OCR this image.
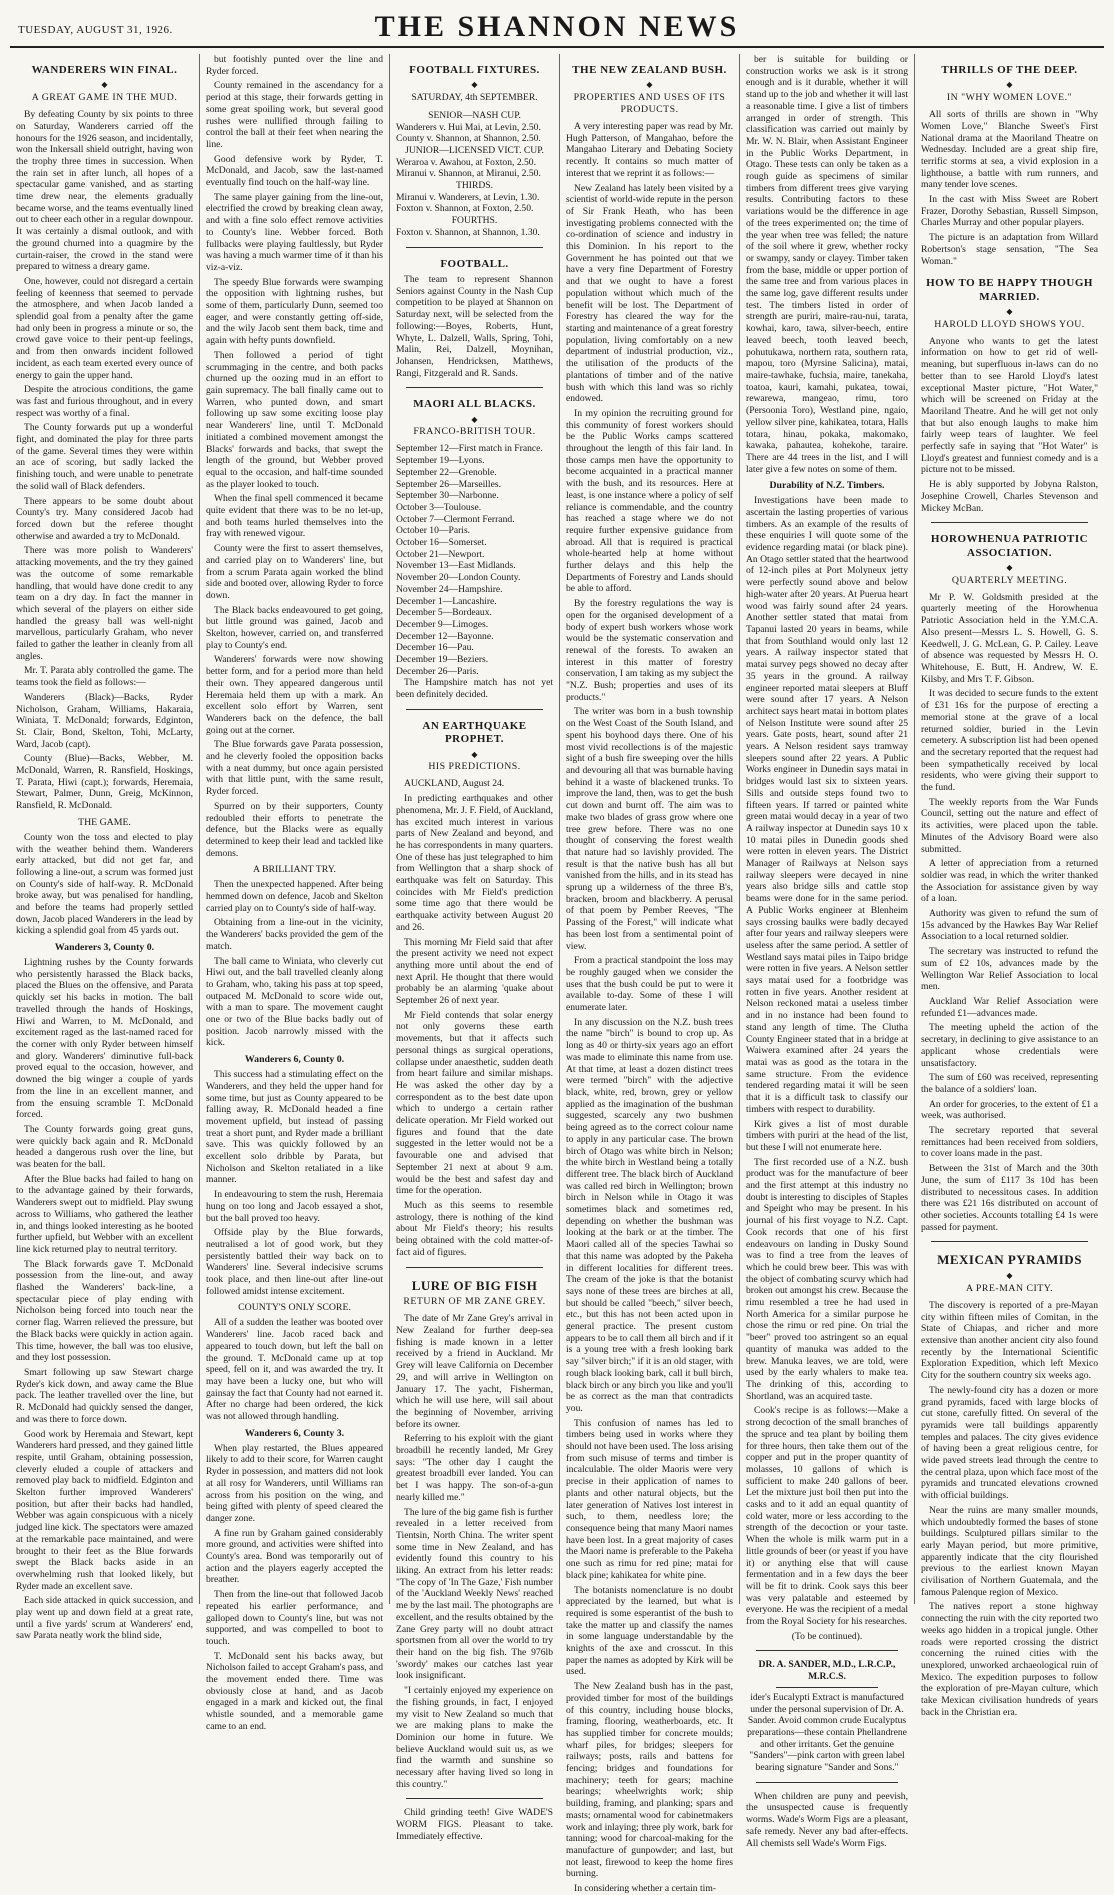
TUESDAY, AUGUST 31, 1926.	THE SHANNON NEWS
WANDERERS WIN FINAL.
◆
A GREAT GAME IN THE MUD.

By defeating County by six points to three on Saturday, Wanderers carried off the honours for the 1926 season, and incidentally, won the Inkersall shield outright, having won the trophy three times in succession. When the rain set in after lunch, all hopes of a spectacular game vanished, and as starting time drew near, the elements gradually became worse, and the teams eventually lined out to cheer each other in a regular downpour. It was certainly a dismal outlook, and with the ground churned into a quagmire by the curtain-raiser, the crowd in the stand were prepared to witness a dreary game.

One, however, could not disregard a certain feeling of keenness that seemed to pervade the atmosphere, and when Jacob landed a splendid goal from a penalty after the game had only been in progress a minute or so, the crowd gave voice to their pent-up feelings, and from then onwards incident followed incident, as each team exerted every ounce of energy to gain the upper hand.

Despite the atrocious conditions, the game was fast and furious throughout, and in every respect was worthy of a final.

The County forwards put up a wonderful fight, and dominated the play for three parts of the game. Several times they were within an ace of scoring, but sadly lacked the finishing touch, and were unable to penetrate the solid wall of Black defenders.

There appears to be some doubt about County's try. Many considered Jacob had forced down but the referee thought otherwise and awarded a try to McDonald.

There was more polish to Wanderers' attacking movements, and the try they gained was the outcome of some remarkable handling, that would have done credit to any team on a dry day. In fact the manner in which several of the players on either side handled the greasy ball was well-night marvellous, particularly Graham, who never failed to gather the leather in cleanly from all angles.

Mr. T. Parata ably controlled the game. The teams took the field as follows:—

Wanderers (Black)—Backs, Ryder Nicholson, Graham, Williams, Hakaraia, Winiata, T. McDonald; forwards, Edginton, St. Clair, Bond, Skelton, Tohi, McLarty, Ward, Jacob (capt).

County (Blue)—Backs, Webber, M. McDonald, Warren, R. Ransfield, Hoskings, T. Parata, Hiwi (capt.); forwards, Heremaia, Stewart, Palmer, Dunn, Greig, McKinnon, Ransfield, R. McDonald.

THE GAME.

County won the toss and elected to play with the weather behind them. Wanderers early attacked, but did not get far, and following a line-out, a scrum was formed just on County's side of half-way. R. McDonald broke away, but was penalised for handling, and before the teams had properly settled down, Jacob placed Wanderers in the lead by kicking a splendid goal from 45 yards out.

Wanderers 3, County 0.

Lightning rushes by the County forwards who persistently harassed the Black backs, placed the Blues on the offensive, and Parata quickly set his backs in motion. The ball travelled through the hands of Hoskings, Hiwi and Warren, to M. McDonald, and excitement raged as the last-named raced for the corner with only Ryder between himself and glory. Wanderers' diminutive full-back proved equal to the occasion, however, and downed the big winger a couple of yards from the line in an excellent manner, and from the ensuing scramble T. McDonald forced.

The County forwards going great guns, were quickly back again and R. McDonald headed a dangerous rush over the line, but was beaten for the ball.

After the Blue backs had failed to hang on to the advantage gained by their forwards, Wanderers swept out to midfield. Play swung across to Williams, who gathered the leather in, and things looked interesting as he booted further upfield, but Webber with an excellent line kick returned play to neutral territory.

The Black forwards gave T. McDonald possession from the line-out, and away flashed the Wanderers' back-line, a spectacular piece of play ending with Nicholson being forced into touch near the corner flag. Warren relieved the pressure, but the Black backs were quickly in action again. This time, however, the ball was too elusive, and they lost possession.

Smart following up saw Stewart charge Ryder's kick down, and away came the Blue pack. The leather travelled over the line, but R. McDonald had quickly sensed the danger, and was there to force down.

Good work by Heremaia and Stewart, kept Wanderers hard pressed, and they gained little respite, until Graham, obtaining possession, cleverly eluded a couple of attackers and removed play back to midfield. Edginton and Skelton further improved Wanderers' position, but after their backs had handled, Webber was again conspicuous with a nicely judged line kick. The spectators were amazed at the remarkable pace maintained, and were brought to their feet as the Blue forwards swept the Black backs aside in an overwhelming rush that looked likely, but Ryder made an excellent save.

Each side attacked in quick succession, and play went up and down field at a great rate, until a five yards' scrum at Wanderers' end, saw Parata neatly work the blind side,

but footishly punted over the line and Ryder forced.

County remained in the ascendancy for a period at this stage, their forwards getting in some great spoiling work, but several good rushes were nullified through failing to control the ball at their feet when nearing the line.

Good defensive work by Ryder, T. McDonald, and Jacob, saw the last-named eventually find touch on the half-way line.

The same player gaining from the line-out, electrified the crowd by breaking clean away, and with a fine solo effect remove activities to County's line. Webber forced. Both fullbacks were playing faultlessly, but Ryder was having a much warmer time of it than his viz-a-viz.

The speedy Blue forwards were swamping the opposition with lightning rushes, but some of them, particularly Dunn, seemed too eager, and were constantly getting off-side, and the wily Jacob sent them back, time and again with hefty punts downfield.

Then followed a period of tight scrummaging in the centre, and both packs churned up the oozing mud in an effort to gain supremacy. The ball finally came out to Warren, who punted down, and smart following up saw some exciting loose play near Wanderers' line, until T. McDonald initiated a combined movement amongst the Blacks' forwards and backs, that swept the length of the ground, but Webber proved equal to the occasion, and half-time sounded as the player looked to touch.

When the final spell commenced it became quite evident that there was to be no let-up, and both teams hurled themselves into the fray with renewed vigour.

County were the first to assert themselves, and carried play on to Wanderers' line, but from a scrum Parata again worked the blind side and booted over, allowing Ryder to force down.

The Black backs endeavoured to get going, but little ground was gained, Jacob and Skelton, however, carried on, and transferred play to County's end.

Wanderers' forwards were now showing better form, and for a period more than held their own. They appeared dangerous until Heremaia held them up with a mark. An excellent solo effort by Warren, sent Wanderers back on the defence, the ball going out at the corner.

The Blue forwards gave Parata possession, and he cleverly fooled the opposition backs with a neat dummy, but once again persisted with that little punt, with the same result, Ryder forced.

Spurred on by their supporters, County redoubled their efforts to penetrate the defence, but the Blacks were as equally determined to keep their lead and tackled like demons.

A BRILLIANT TRY.

Then the unexpected happened. After being hemmed down on defence, Jacob and Skelton carried play on to County's side of half-way.

Obtaining from a line-out in the vicinity, the Wanderers' backs provided the gem of the match.

The ball came to Winiata, who cleverly cut Hiwi out, and the ball travelled cleanly along to Graham, who, taking his pass at top speed, outpaced M. McDonald to score wide out, with a man to spare. The movement caught one or two of the Blue backs badly out of position. Jacob narrowly missed with the kick.

Wanderers 6, County 0.

This success had a stimulating effect on the Wanderers, and they held the upper hand for some time, but just as County appeared to be falling away, R. McDonald headed a fine movement upfield, but instead of passing treat a short punt, and Ryder made a brilliant save. This was quickly followed by an excellent solo dribble by Parata, but Nicholson and Skelton retaliated in a like manner.

In endeavouring to stem the rush, Heremaia hung on too long and Jacob essayed a shot, but the ball proved too heavy.

Offside play by the Blue forwards, neutralised a lot of good work, but they persistently battled their way back on to Wanderers' line. Several indecisive scrums took place, and then line-out after line-out followed amidst intense excitement.

COUNTY'S ONLY SCORE.

All of a sudden the leather was booted over Wanderers' line. Jacob raced back and appeared to touch down, but left the ball on the ground. T. McDonald came up at top speed, fell on it, and was awarded the try. It may have been a lucky one, but who will gainsay the fact that County had not earned it. After no charge had been ordered, the kick was not allowed through handling.

Wanderers 6, County 3.

When play restarted, the Blues appeared likely to add to their score, for Warren caught Ryder in possession, and matters did not look at all rosy for Wanderers, until Williams ran across from his position on the wing, and being gifted with plenty of speed cleared the danger zone.

A fine run by Graham gained considerably more ground, and activities were shifted into County's area. Bond was temporarily out of action and the players eagerly accepted the breather.

Then from the line-out that followed Jacob repeated his earlier performance, and galloped down to County's line, but was not supported, and was compelled to boot to touch.

T. McDonald sent his backs away, but Nicholson failed to accept Graham's pass, and the movement ended there. Time was obviously close at hand, and as Jacob engaged in a mark and kicked out, the final whistle sounded, and a memorable game came to an end.

FOOTBALL FIXTURES.
◆

SATURDAY, 4th SEPTEMBER.

SENIOR—NASH CUP.

Wanderers v. Hui Mai, at Levin, 2.50.

County v. Shannon, at Shannon, 2.50.

JUNIOR—LICENSED VICT. CUP.

Weraroa v. Awahou, at Foxton, 2.50.

Miranui v. Shannon, at Miranui, 2.50.

THIRDS.

Miranui v. Wanderers, at Levin, 1.30.

Foxton v. Shannon, at Foxton, 2.50.

FOURTHS.

Foxton v. Shannon, at Shannon, 1.30.

FOOTBALL.

The team to represent Shannon Seniors against County in the Nash Cup competition to be played at Shannon on Saturday next, will be selected from the following:—Boyes, Roberts, Hunt, Whyte, L. Dalzell, Walls, Spring, Tohi, Malin, Rei, Dalzell, Moynihan, Johansen, Hendricksen, Matthews, Rangi, Fitzgerald and R. Sands.

MAORI ALL BLACKS.
◆
FRANCO-BRITISH TOUR.

September 12—First match in France.

September 19—Lyons.

September 22—Grenoble.

September 26—Marseilles.

September 30—Narbonne.

October 3—Toulouse.

October 7—Clermont Ferrand.

October 10—Paris.

October 16—Somerset.

October 21—Newport.

November 13—East Midlands.

November 20—London County.

November 24—Hampshire.

December 1—Lancashire.

December 5—Bordeaux.

December 9—Limoges.

December 12—Bayonne.

December 16—Pau.

December 19—Beziers.

December 26—Paris.

The Hampshire match has not yet been definitely decided.

AN EARTHQUAKE PROPHET.
◆
HIS PREDICTIONS.

AUCKLAND, August 24.

In predicting earthquakes and other phenomena, Mr. J. F. Field, of Auckland, has excited much interest in various parts of New Zealand and beyond, and he has correspondents in many quarters. One of these has just telegraphed to him from Wellington that a sharp shock of earthquake was felt on Saturday. This coincides with Mr Field's prediction some time ago that there would be earthquake activity between August 20 and 26.

This morning Mr Field said that after the present activity we need not expect anything more until about the end of next April. He thought that there would probably be an alarming 'quake about September 26 of next year.

Mr Field contends that solar energy not only governs these earth movements, but that it affects such personal things as surgical operations, collapse under anaesthetic, sudden death from heart failure and similar mishaps. He was asked the other day by a correspondent as to the best date upon which to undergo a certain rather delicate operation. Mr Field worked out figures and found that the date suggested in the letter would not be a favourable one and advised that September 21 next at about 9 a.m. would be the best and safest day and time for the operation.

Much as this seems to resemble astrology, there is nothing of the kind about Mr Field's theory; his results being obtained with the cold matter-of-fact aid of figures.

LURE OF BIG FISH
RETURN OF MR ZANE GREY.

The date of Mr Zane Grey's arrival in New Zealand for further deep-sea fishing is made known in a letter received by a friend in Auckland. Mr Grey will leave California on December 29, and will arrive in Wellington on January 17. The yacht, Fisherman, which he will use here, will sail about the beginning of November, arriving before its owner.

Referring to his exploit with the giant broadbill he recently landed, Mr Grey says: "The other day I caught the greatest broadbill ever landed. You can bet I was happy. The son-of-a-gun nearly killed me."

The lure of the big game fish is further revealed in a letter received from Tientsin, North China. The writer spent some time in New Zealand, and has evidently found this country to his liking. An extract from his letter reads: "The copy of 'In The Gaze,' Fish number of the 'Auckland Weekly News' reached me by the last mail. The photographs are excellent, and the results obtained by the Zane Grey party will no doubt attract sportsmen from all over the world to try their hand on the big fish. The 976lb 'swordy' makes our catches last year look insignificant.

"I certainly enjoyed my experience on the fishing grounds, in fact, I enjoyed my visit to New Zealand so much that we are making plans to make the Dominion our home in future. We believe Auckland would suit us, as we find the warmth and sunshine so necessary after having lived so long in this country."

Child grinding teeth! Give WADE'S WORM FIGS. Pleasant to take. Immediately effective.

THE NEW ZEALAND BUSH.
◆
PROPERTIES AND USES OF ITS PRODUCTS.

A very interesting paper was read by Mr. Hugh Patterson, of Mangahao, before the Mangahao Literary and Debating Society recently. It contains so much matter of interest that we reprint it as follows:—

New Zealand has lately been visited by a scientist of world-wide repute in the person of Sir Frank Heath, who has been investigating problems connected with the co-ordination of science and industry in this Dominion. In his report to the Government he has pointed out that we have a very fine Department of Forestry and that we ought to have a forest population without which much of the benefit will be lost. The Department of Forestry has cleared the way for the starting and maintenance of a great forestry population, living comfortably on a new department of industrial production, viz., the utilisation of the products of the plantations of timber and of the native bush with which this land was so richly endowed.

In my opinion the recruiting ground for this community of forest workers should be the Public Works camps scattered throughout the length of this fair land. In those camps men have the opportunity to become acquainted in a practical manner with the bush, and its resources. Here at least, is one instance where a policy of self reliance is commendable, and the country has reached a stage where we do not require further expensive guidance from abroad. All that is required is practical whole-hearted help at home without further delays and this help the Departments of Forestry and Lands should be able to afford.

By the forestry regulations the way is open for the organised development of a body of expert bush workers whose work would be the systematic conservation and renewal of the forests. To awaken an interest in this matter of forestry conservation, I am taking as my subject the "N.Z. Bush; properties and uses of its products."

The writer was born in a bush township on the West Coast of the South Island, and spent his boyhood days there. One of his most vivid recollections is of the majestic sight of a bush fire sweeping over the hills and devouring all that was burnable having behind it a waste of blackened trunks. To improve the land, then, was to get the bush cut down and burnt off. The aim was to make two blades of grass grow where one tree grew before. There was no one thought of conserving the forest wealth that nature had so lavishly provided. The result is that the native bush has all but vanished from the hills, and in its stead has sprung up a wilderness of the three B's, bracken, broom and blackberry. A perusal of that poem by Pember Reeves, "The Passing of the Forest," will indicate what has been lost from a sentimental point of view.

From a practical standpoint the loss may be roughly gauged when we consider the uses that the bush could be put to were it available to-day. Some of these I will enumerate later.

In any discussion on the N.Z. bush trees the name "birch" is bound to crop up. As long as 40 or thirty-six years ago an effort was made to eliminate this name from use. At that time, at least a dozen distinct trees were termed "birch" with the adjective black, white, red, brown, grey or yellow applied as the imagination of the bushman suggested, scarcely any two bushmen being agreed as to the correct colour name to apply in any particular case. The brown birch of Otago was white birch in Nelson; the white birch in Westland being a totally different tree. The black birch of Auckland was called red birch in Wellington; brown birch in Nelson while in Otago it was sometimes black and sometimes red, depending on whether the bushman was looking at the bark or at the timber. The Maori called all of the species Tawhai so that this name was adopted by the Pakeha in different localities for different trees. The cream of the joke is that the botanist says none of these trees are birches at all, but should be called "beech," silver beech, etc., but this has not been acted upon in general practice. The present custom appears to be to call them all birch and if it is a young tree with a fresh looking bark say "silver birch;" if it is an old stager, with rough black looking bark, call it bull birch, black birch or any birch you like and you'll be as correct as the man that contradicts you.

This confusion of names has led to timbers being used in works where they should not have been used. The loss arising from such misuse of terms and timber is incalculable. The older Maoris were very precise in their application of names to plants and other natural objects, but the later generation of Natives lost interest in such, to them, needless lore; the consequence being that many Maori names have been lost. In a great majority of cases the Maori name is preferable to the Pakeha one such as rimu for red pine; matai for black pine; kahikatea for white pine.

The botanists nomenclature is no doubt appreciated by the learned, but what is required is some esperantist of the bush to take the matter up and classify the names in some language understandable by the knights of the axe and crosscut. In this paper the names as adopted by Kirk will be used.

The New Zealand bush has in the past, provided timber for most of the buildings of this country, including house blocks, framing, flooring, weatherboards, etc. It has supplied timber for concrete moulds; wharf piles, for bridges; sleepers for railways; posts, rails and battens for fencing; bridges and foundations for machinery; teeth for gears; machine bearings; wheelwrights work; ship building, framing, and planking; spars and masts; ornamental wood for cabinetmakers work and inlaying; three ply work, bark for tanning; wood for charcoal-making for the manufacture of gunpowder; and last, but not least, firewood to keep the home fires burning.

In considering whether a certain tim-

ber is suitable for building or construction works we ask is it strong enough and is it durable, whether it will stand up to the job and whether it will last a reasonable time. I give a list of timbers arranged in order of strength. This classification was carried out mainly by Mr. W. N. Blair, when Assistant Engineer in the Public Works Department, in Otago. These tests can only be taken as a rough guide as specimens of similar timbers from different trees give varying results. Contributing factors to these variations would be the difference in age of the trees experimented on; the time of the year when tree was felled; the nature of the soil where it grew, whether rocky or swampy, sandy or clayey. Timber taken from the base, middle or upper portion of the same tree and from various places in the same log, gave different results under test. The timbers listed in order of strength are puriri, maire-rau-nui, tarata, kowhai, karo, tawa, silver-beech, entire leaved beech, tooth leaved beech, pohutukawa, northern rata, southern rata, mapou, toro (Myrsine Salicina), matai, maire-tawhake, fuchsia, maire, tanekaha, toatoa, kauri, kamahi, pukatea, towai, rewarewa, mangeao, rimu, toro (Persoonia Toro), Westland pine, ngaio, yellow silver pine, kahikatea, totara, Halls totara, hinau, pokaka, makomako, kawaka, pahautea, kohekohe, taraire. There are 44 trees in the list, and I will later give a few notes on some of them.

Durability of N.Z. Timbers.

Investigations have been made to ascertain the lasting properties of various timbers. As an example of the results of these enquiries I will quote some of the evidence regarding matai (or black pine). An Otago settler stated that the heartwood of 12-inch piles at Port Molyneux jetty were perfectly sound above and below high-water after 20 years. At Puerua heart wood was fairly sound after 24 years. Another settler stated that matai from Tapanui lasted 20 years in beams, while that from Southland would only last 12 years. A railway inspector stated that matai survey pegs showed no decay after 35 years in the ground. A railway engineer reported matai sleepers at Bluff were sound after 17 years. A Nelson architect says heart matai in bottom plates of Nelson Institute were sound after 25 years. Gate posts, heart, sound after 21 years. A Nelson resident says tramway sleepers sound after 22 years. A Public Works engineer in Dunedin says matai in bridges would last six to sixteen years. Sills and outside steps found two to fifteen years. If tarred or painted white green matai would decay in a year of two A railway inspector at Dunedin says 10 x 10 matai piles in Dunedin goods shed were rotten in eleven years. The District Manager of Railways at Nelson says railway sleepers were decayed in nine years also bridge sills and cattle stop beams were done for in the same period. A Public Works engineer at Blenheim says crossing baulks were badly decayed after four years and railway sleepers were useless after the same period. A settler of Westland says matai piles in Taipo bridge were rotten in five years. A Nelson settler says matai used for a footbridge was rotten in five years. Another resident at Nelson reckoned matai a useless timber and in no instance had been found to stand any length of time. The Clutha County Engineer stated that in a bridge at Waiwera examined after 24 years the matai was as good as the totara in the same structure. From the evidence tendered regarding matai it will be seen that it is a difficult task to classify our timbers with respect to durability.

Kirk gives a list of most durable timbers with puriri at the head of the list, but these I will not enumerate here.

The first recorded use of a N.Z. bush product was for the manufacture of beer and the first attempt at this industry no doubt is interesting to disciples of Staples and Speight who may be present. In his journal of his first voyage to N.Z. Capt. Cook records that one of his first endeavours on landing in Dusky Sound was to find a tree from the leaves of which he could brew beer. This was with the object of combating scurvy which had broken out amongst his crew. Because the rimu resembled a tree he had used in North America for a similar purpose he chose the rimu or red pine. On trial the "beer" proved too astringent so an equal quantity of manuka was added to the brew. Manuka leaves, we are told, were used by the early whalers to make tea. The drinking of this, according to Shortland, was an acquired taste.

Cook's recipe is as follows:—Make a strong decoction of the small branches of the spruce and tea plant by boiling them for three hours, then take them out of the copper and put in the proper quantity of molasses, 10 gallons of which is sufficient to make 240 gallons of beer. Let the mixture just boil then put into the casks and to it add an equal quantity of cold water, more or less according to the strength of the decoction or your taste. When the whole is milk warm put in a little grounds of beer (or yeast if you have it) or anything else that will cause fermentation and in a few days the beer will be fit to drink. Cook says this beer was very palatable and esteemed by everyone. He was the recipient of a medal from the Royal Society for his researches.

(To be continued).

DR. A. SANDER, M.D., L.R.C.P., M.R.C.S.

ider's Eucalypti Extract is manufactured under the personal supervision of Dr. A. Sander. Avoid common crude Eucalyptus preparations—these contain Phellandrene and other irritants. Get the genuine "Sanders"—pink carton with green label bearing signature "Sander and Sons."

When children are puny and peevish, the unsuspected cause is frequently worms. Wade's Worm Figs are a pleasant, safe remedy. Never any bad after-effects. All chemists sell Wade's Worm Figs.

THRILLS OF THE DEEP.
◆
IN "WHY WOMEN LOVE."

All sorts of thrills are shown in "Why Women Love," Blanche Sweet's First National drama at the Maoriland Theatre on Wednesday. Included are a great ship fire, terrific storms at sea, a vivid explosion in a lighthouse, a battle with rum runners, and many tender love scenes.

In the cast with Miss Sweet are Robert Frazer, Dorothy Sebastian, Russell Simpson, Charles Murray and other popular players.

The picture is an adaptation from Willard Robertson's stage sensation, "The Sea Woman."

HOW TO BE HAPPY THOUGH MARRIED.
◆
HAROLD LLOYD SHOWS YOU.

Anyone who wants to get the latest information on how to get rid of well-meaning, but superfluous in-laws can do no better than to see Harold Lloyd's latest exceptional Master picture, "Hot Water," which will be screened on Friday at the Maoriland Theatre. And he will get not only that but also enough laughs to make him fairly weep tears of laughter. We feel perfectly safe in saying that "Hot Water" is Lloyd's greatest and funniest comedy and is a picture not to be missed.

He is ably supported by Jobyna Ralston, Josephine Crowell, Charles Stevenson and Mickey McBan.

HOROWHENUA PATRIOTIC ASSOCIATION.
◆
QUARTERLY MEETING.

Mr P. W. Goldsmith presided at the quarterly meeting of the Horowhenua Patriotic Association held in the Y.M.C.A. Also present—Messrs L. S. Howell, G. S. Keedwell, J. G. McLean, G. P. Cailey. Leave of absence was requested by Messrs H. O. Whitehouse, E. Butt, H. Andrew, W. E. Kilsby, and Mrs T. F. Gibson.

It was decided to secure funds to the extent of £31 16s for the purpose of erecting a memorial stone at the grave of a local returned soldier, buried in the Levin cemetery. A subscription list had been opened and the secretary reported that the request had been sympathetically received by local residents, who were giving their support to the fund.

The weekly reports from the War Funds Council, setting out the nature and effect of its activities, were placed upon the table. Minutes of the Advisory Board were also submitted.

A letter of appreciation from a returned soldier was read, in which the writer thanked the Association for assistance given by way of a loan.

Authority was given to refund the sum of 15s advanced by the Hawkes Bay War Relief Association to a local returned soldier.

The secretary was instructed to refund the sum of £2 10s, advances made by the Wellington War Relief Association to local men.

Auckland War Relief Association were refunded £1—advances made.

The meeting upheld the action of the secretary, in declining to give assistance to an applicant whose credentials were unsatisfactory.

The sum of £60 was received, representing the balance of a soldiers' loan.

An order for groceries, to the extent of £1 a week, was authorised.

The secretary reported that several remittances had been received from soldiers, to cover loans made in the past.

Between the 31st of March and the 30th June, the sum of £117 3s 10d has been distributed to necessitous cases. In addition there was £21 16s distributed on account of other societies. Accounts totalling £4 1s were passed for payment.

MEXICAN PYRAMIDS
◆
A PRE-MAN CITY.

The discovery is reported of a pre-Mayan city within fifteen miles of Comitan, in the State of Chiapas, and richer and more extensive than another ancient city also found recently by the International Scientific Exploration Expedition, which left Mexico City for the southern country six weeks ago.

The newly-found city has a dozen or more grand pyramids, faced with large blocks of cut stone, carefully fitted. On several of the pyramids were tall buildings apparently temples and palaces. The city gives evidence of having been a great religious centre, for wide paved streets lead through the centre to the central plaza, upon which face most of the pyramids and truncated elevations crowned with official buildings.

Near the ruins are many smaller mounds, which undoubtedly formed the bases of stone buildings. Sculptured pillars similar to the early Mayan period, but more primitive, apparently indicate that the city flourished previous to the earliest known Mayan civilisation of Northern Guatemala, and the famous Palenque region of Mexico.

The natives report a stone highway connecting the ruin with the city reported two weeks ago hidden in a tropical jungle. Other roads were reported crossing the district concerning the ruined cities with the unexplored, unworked archaeological ruin of Mexico. The expedition purposes to follow the exploration of pre-Mayan culture, which take Mexican civilisation hundreds of years back in the Christian era.
